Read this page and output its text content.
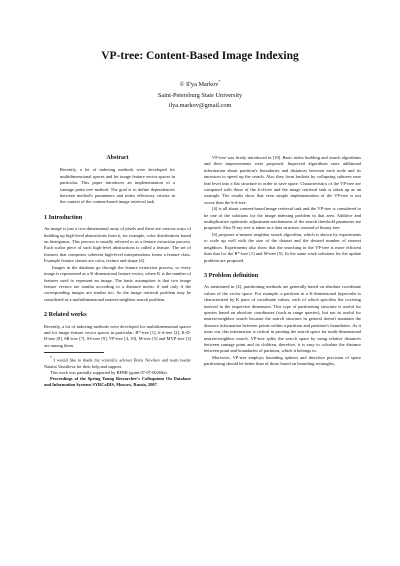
VP-tree: Content-Based Image Indexing
© Il'ya Markov*
Saint-Petersburg State University
ilya.markov@gmail.com
Abstract
Recently, a lot of indexing methods were developed for multidimensional spaces and for image feature vector spaces in particular. This paper introduces an implementation of a vantage point tree method. The goal is to define dependencies between method's parameters and index efficiency criteria in the context of the content-based image retrieval task.
1 Introduction

An image is just a two-dimensional array of pixels and there are various ways of building up high-level abstractions from it, for example, color distributions based on histograms. This process is usually referred to as a feature extraction process. Each scalar piece of such high-level abstractions is called a feature. The set of features that comprises coherent high-level interpretations forms a feature class. Example feature classes are color, texture and shape [4].

Images in the database go through the feature extraction process, so every image is represented as a K-dimensional feature vector, where K is the number of features used to represent an image. The basic assumption is that two image feature vectors are similar according to a distance metric if and only if the corresponding images are similar too. So the image retrieval problem may be considered as a multidimensional nearest-neighbor search problem.

2 Related works

Recently, a lot of indexing methods were developed for multidimensional spaces and for image feature vector spaces in particular: R*-tree [1], k-d-tree [2], K-D-B-tree [8], SR-tree [7], SS-tree [9], VP-tree [4, 10], M-tree [5] and MVP-tree [3] are among them.

* I would like to thank my scientific adviser Boris Novikov and team leader Natalia Vassilieva for their help and support.

This work was partially supported by RFBR (grant 07-07-00268a).

Proceedings of the Spring Young Researcher's Colloquium On Database and Information Systems SYRCoDIS, Moscow, Russia, 2007

VP-tree was firstly introduced in [10]. Basic index building and search algorithms and their improvements were proposed. Improved algorithms store additional information about partition's boundaries and distances between each node and its ancestors to speed up the search. Also they form buckets by collapsing subtrees near leaf level into a flat structure in order to save space. Characteristics of the VP-tree are compared with those of the k-d-tree and the image retrieval task is taken up as an example. The results show that even simple implementation of the VP-tree is not worse than the k-d-tree.

[4] is all about content-based image retrieval task and the VP-tree is considered to be one of the solutions for the image indexing problem in that area. Additive and multiplicative optimistic adjustment mechanisms of the search threshold parameter are proposed. Also N-ary tree is taken as a data structure, instead of binary tree.

[6] proposes n-nearest neighbor search algorithm, which is shown by experiments to scale up well with the size of the dataset and the desired number of nearest neighbors. Experiments also show that the searching in the VP-tree is more efficient than that for the R*-tree [1] and M-tree [5]. In the same work solutions for the update problem are proposed.

3 Problem definition

As mentioned in [4], partitioning methods are generally based on absolute coordinate values of the vector space. For example, a partition in a K-dimensional hypercube is characterized by K pairs of coordinate values, each of which specifies the covering interval in the respective dimension. This type of partitioning structure is useful for queries based on absolute coordinates (such as range queries), but not so useful for nearest-neighbor search because the search structure in general doesn't maintain the distance information between points within a partition and partition's boundaries. As it turns out, this information is critical in pruning the search space for multi-dimensional nearest-neighbor search. VP-tree splits the search space by using relative distances between vantage point and its children, therefore, it is easy to calculate the distance between point and boundaries of partition, which it belongs to.

Moreover, VP-tree employs bounding spheres and therefore precision of space partitioning should be better than of those based on bounding rectangles,
